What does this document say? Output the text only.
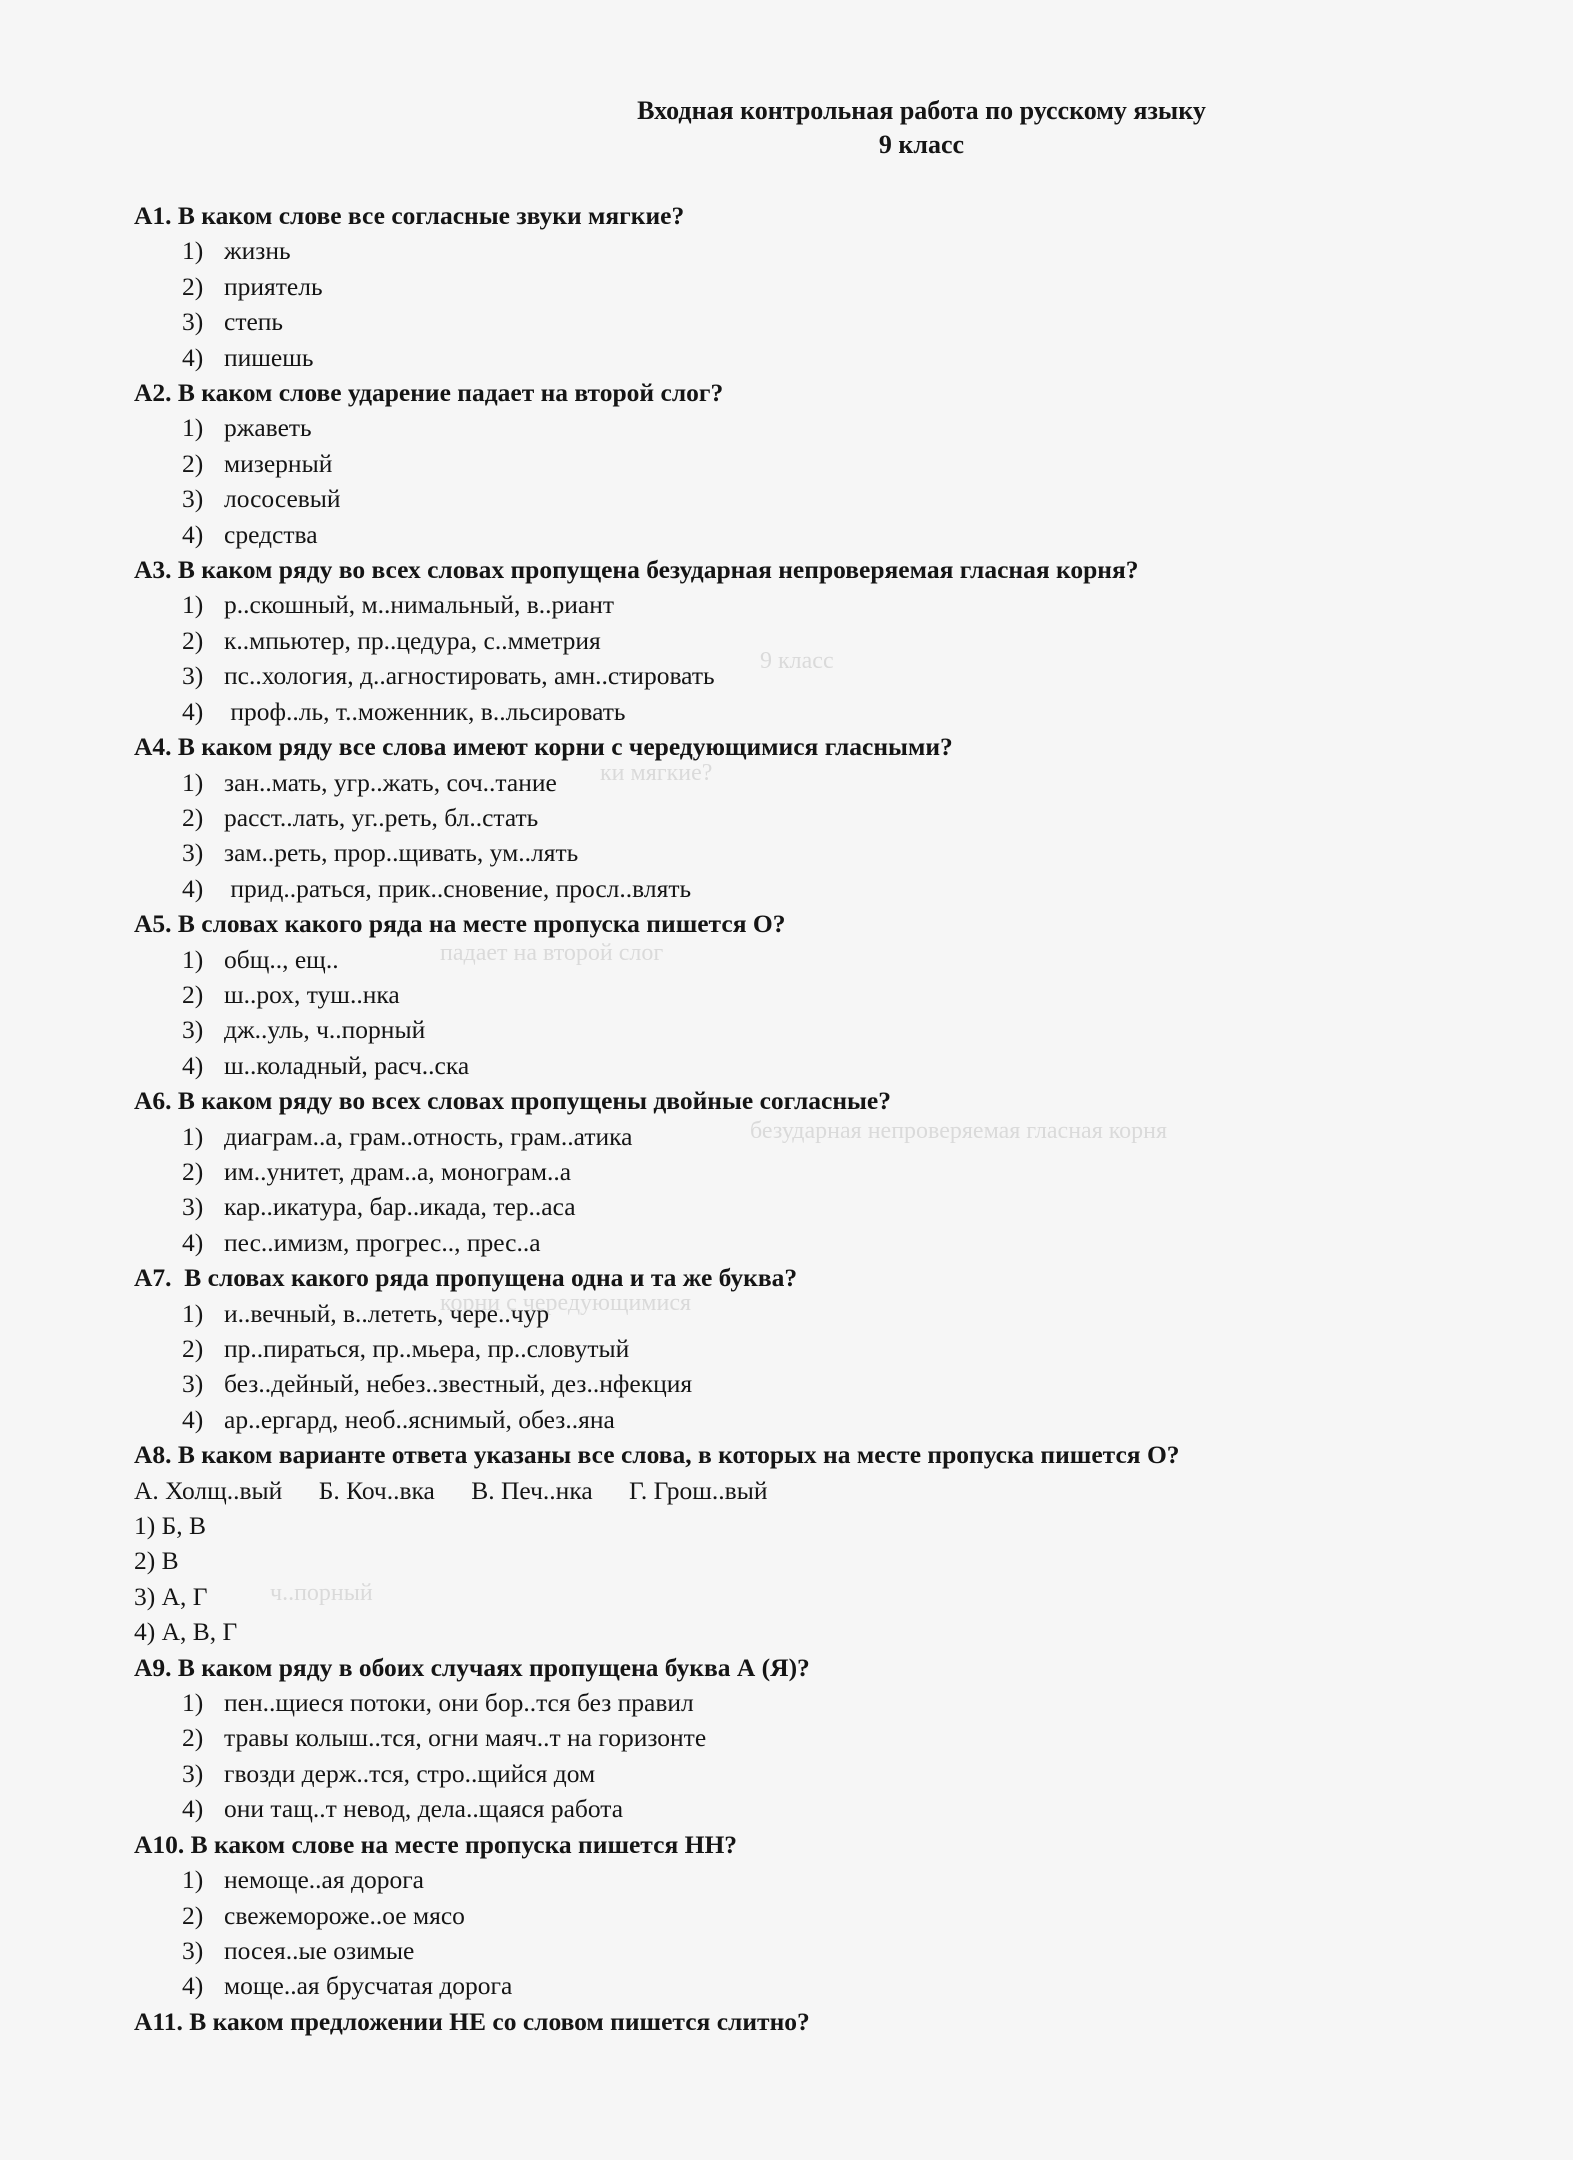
9 класс
ки мягкие?
падает на второй слог
безударная непроверяемая гласная корня
корни с чередующимися
ч..порный
Входная контрольная работа по русскому языку
9 класс
А1. В каком слове все согласные звуки мягкие?
1) жизнь
2) приятель
3) степь
4) пишешь
А2. В каком слове ударение падает на второй слог?
1) ржаветь
2) мизерный
3) лососевый
4) средства
А3. В каком ряду во всех словах пропущена безударная непроверяемая гласная корня?
1) р..скошный, м..нимальный, в..риант
2) к..мпьютер, пр..цедура, с..мметрия
3) пс..хология, д..агностировать, амн..стировать
4) проф..ль, т..моженник, в..льсировать
А4. В каком ряду все слова имеют корни с чередующимися гласными?
1) зан..мать, угр..жать, соч..тание
2) расст..лать, уг..реть, бл..стать
3) зам..реть, прор..щивать, ум..лять
4) прид..раться, прик..сновение, просл..влять
А5. В словах какого ряда на месте пропуска пишется О?
1) общ.., ещ..
2) ш..рох, туш..нка
3) дж..уль, ч..порный
4) ш..коладный, расч..ска
А6. В каком ряду во всех словах пропущены двойные согласные?
1) диаграм..а, грам..отность, грам..атика
2) им..унитет, драм..а, монограм..а
3) кар..икатура, бар..икада, тер..аса
4) пес..имизм, прогрес.., прес..а
А7.  В словах какого ряда пропущена одна и та же буква?
1) и..вечный, в..лететь, чере..чур
2) пр..пираться, пр..мьера, пр..словутый
3) без..дейный, небез..звестный, дез..нфекция
4) ар..ергард, необ..яснимый, обез..яна
А8. В каком варианте ответа указаны все слова, в которых на месте пропуска пишется О?
А. Холщ..вый Б. Коч..вка В. Печ..нка Г. Грош..вый
1) Б, В
2) В
3) А, Г
4) А, В, Г
А9. В каком ряду в обоих случаях пропущена буква А (Я)?
1) пен..щиеся потоки, они бор..тся без правил
2) травы колыш..тся, огни маяч..т на горизонте
3) гвозди держ..тся, стро..щийся дом
4) они тащ..т невод, дела..щаяся работа
А10. В каком слове на месте пропуска пишется НН?
1) немоще..ая дорога
2) свежемороже..ое мясо
3) посея..ые озимые
4) моще..ая брусчатая дорога
А11. В каком предложении НЕ со словом пишется слитно?
